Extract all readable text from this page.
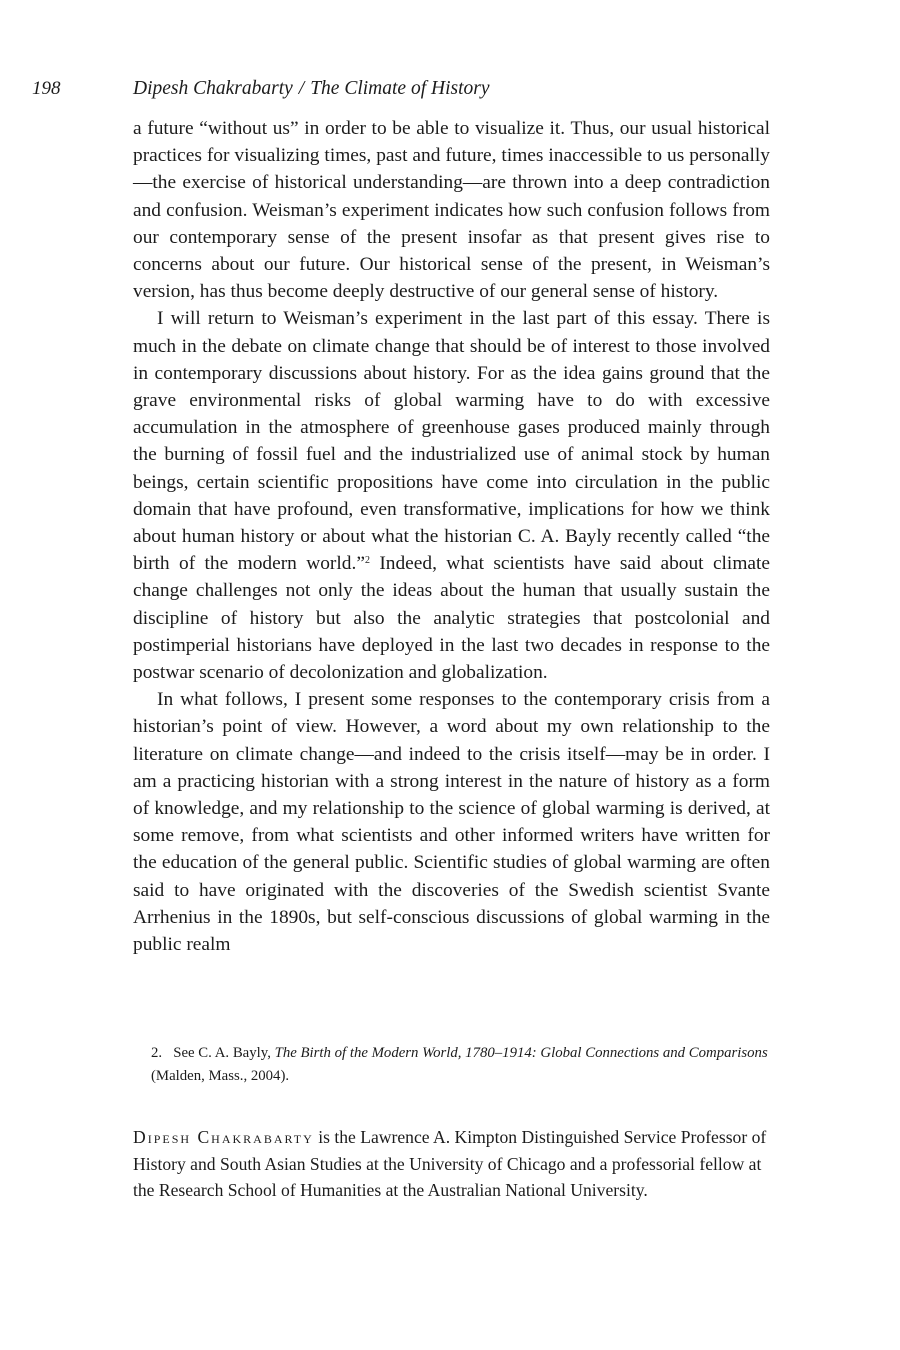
198	Dipesh Chakrabarty / The Climate of History

a future “without us” in order to be able to visualize it. Thus, our usual historical practices for visualizing times, past and future, times inaccessible to us personally—the exercise of historical understanding—are thrown into a deep contradiction and confusion. Weisman’s experiment indicates how such confusion follows from our contemporary sense of the present insofar as that present gives rise to concerns about our future. Our historical sense of the present, in Weisman’s version, has thus become deeply destructive of our general sense of history.

I will return to Weisman’s experiment in the last part of this essay. There is much in the debate on climate change that should be of interest to those involved in contemporary discussions about history. For as the idea gains ground that the grave environmental risks of global warming have to do with excessive accumulation in the atmosphere of greenhouse gases produced mainly through the burning of fossil fuel and the industrialized use of animal stock by human beings, certain scientific propositions have come into circulation in the public domain that have profound, even transformative, implications for how we think about human history or about what the historian C. A. Bayly recently called “the birth of the modern world.”$^2$ Indeed, what scientists have said about climate change challenges not only the ideas about the human that usually sustain the discipline of history but also the analytic strategies that postcolonial and postimperial historians have deployed in the last two decades in response to the postwar scenario of decolonization and globalization.

In what follows, I present some responses to the contemporary crisis from a historian’s point of view. However, a word about my own relationship to the literature on climate change—and indeed to the crisis itself—may be in order. I am a practicing historian with a strong interest in the nature of history as a form of knowledge, and my relationship to the science of global warming is derived, at some remove, from what scientists and other informed writers have written for the education of the general public. Scientific studies of global warming are often said to have originated with the discoveries of the Swedish scientist Svante Arrhenius in the 1890s, but self-conscious discussions of global warming in the public realm

2. See C. A. Bayly, The Birth of the Modern World, 1780–1914: Global Connections and Comparisons (Malden, Mass., 2004).
Dipesh Chakrabarty is the Lawrence A. Kimpton Distinguished Service Professor of History and South Asian Studies at the University of Chicago and a professorial fellow at the Research School of Humanities at the Australian National University.
